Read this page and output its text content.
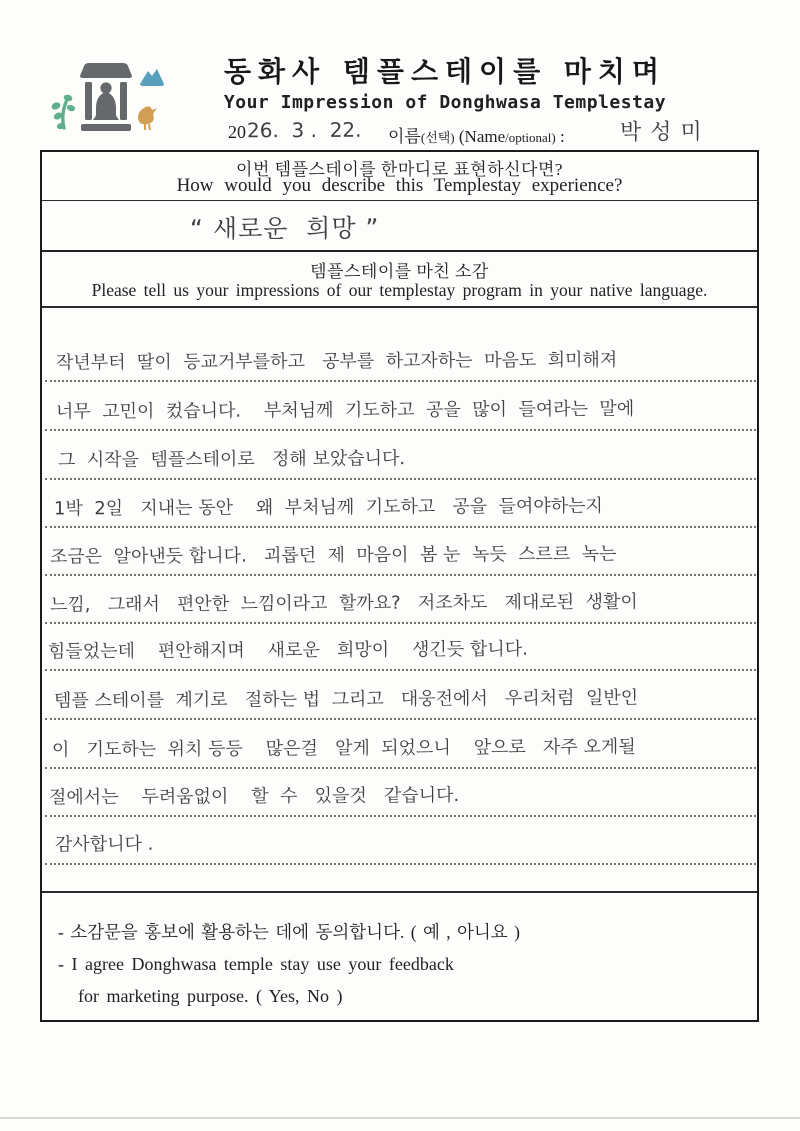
동화사 템플스테이를 마치며
Your Impression of Donghwasa Templestay
20 26.  3 .  22. 이름(선택) (Name/optional) : 박성미
이번 템플스테이를 한마디로 표현하신다면?
How would you describe this Templestay experience?
“ 새로운  희망 ”
템플스테이를 마친 소감
Please tell us your impressions of our templestay program in your native language.
작년부터  딸이  등교거부를하고   공부를  하고자하는  마음도  희미해져
너무  고민이  컸습니다.    부처님께  기도하고  공을  많이  들여라는  말에
그  시작을  템플스테이로   정해 보았습니다.
1박  2일   지내는 동안    왜  부처님께  기도하고   공을  들여야하는지
조금은  알아낸듯 합니다.   괴롭던  제  마음이  봄 눈  녹듯  스르르  녹는
느낌,   그래서   편안한  느낌이라고  할까요?   저조차도   제대로된  생활이
힘들었는데    편안해지며    새로운   희망이    생긴듯 합니다.
템플 스테이를  계기로   절하는 법  그리고   대웅전에서   우리처럼  일반인
이   기도하는  위치 등등    많은걸   알게  되었으니    앞으로   자주 오게될
절에서는    두려움없이    할  수   있을것   같습니다.
감사합니다 .
- 소감문을 홍보에 활용하는 데에 동의합니다. ( 예 , 아니요 )
- I agree Donghwasa temple stay use your feedback
for marketing purpose. ( Yes, No )
